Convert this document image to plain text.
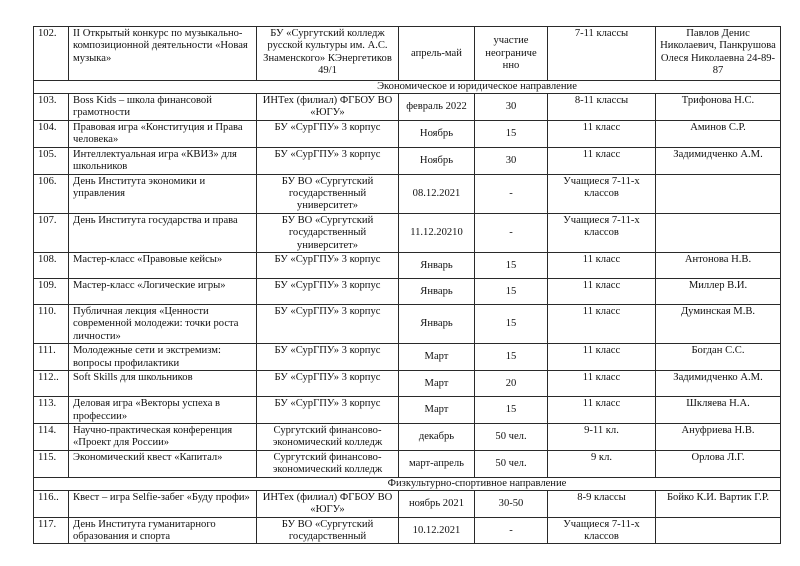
102.	II Открытый конкурс по музыкально-композиционной деятельности «Новая музыка»	БУ «Сургутский колледж русской культуры им. А.С. Знаменского» КЭнергетиков 49/1	апрель-май	участие неограниче нно	7-11 классы	Павлов Денис Николаевич, Панкрушова Олеся Николаевна 24-89-87
Экономическое и юридическое направление						
103.	Boss Kids – школа финансовой грамотности	ИНТех (филиал) ФГБОУ ВО «ЮГУ»	февраль 2022	30	8-11 классы	Трифонова Н.С.
104.	Правовая игра «Конституция и Права человека»	БУ «СурГПУ» 3 корпус	Ноябрь	15	11 класс	Аминов С.Р.
105.	Интеллектуальная игра «КВИЗ» для школьников	БУ «СурГПУ» 3 корпус	Ноябрь	30	11 класс	Задимидченко А.М.
106.	День Института экономики и управления	БУ ВО «Сургутский государственный университет»	08.12.2021	-	Учащиеся 7-11-х классов	
107.	День Института государства и права	БУ ВО «Сургутский государственный университет»	11.12.20210	-	Учащиеся 7-11-х классов	
108.	Мастер-класс «Правовые кейсы»	БУ «СурГПУ» 3 корпус	Январь	15	11 класс	Антонова Н.В.
109.	Мастер-класс «Логические игры»	БУ «СурГПУ» 3 корпус	Январь	15	11 класс	Миллер В.И.
110.	Публичная лекция «Ценности современной молодежи: точки роста личности»	БУ «СурГПУ» 3 корпус	Январь	15	11 класс	Думинская М.В.
111.	Молодежные сети и экстремизм: вопросы профилактики	БУ «СурГПУ» 3 корпус	Март	15	11 класс	Богдан С.С.
112..	Soft Skills для школьников	БУ «СурГПУ» 3 корпус	Март	20	11 класс	Задимидченко А.М.
113.	Деловая игра «Векторы успеха в профессии»	БУ «СурГПУ» 3 корпус	Март	15	11 класс	Шкляева Н.А.
114.	Научно-практическая конференция «Проект для России»	Сургутский финансово-экономический колледж	декабрь	50 чел.	9-11 кл.	Ануфриева Н.В.
115.	Экономический квест «Капитал»	Сургутский финансово-экономический колледж	март-апрель	50 чел.	9 кл.	Орлова Л.Г.
Физкультурно-спортивное направление						
116..	Квест – игра Selfie-забег «Буду профи»	ИНТех (филиал) ФГБОУ ВО «ЮГУ»	ноябрь 2021	30-50	8-9 классы	Бойко К.И. Вартик Г.Р.
117.	День Института гуманитарного образования и спорта	БУ ВО «Сургутский государственный	10.12.2021	-	Учащиеся 7-11-х классов	
